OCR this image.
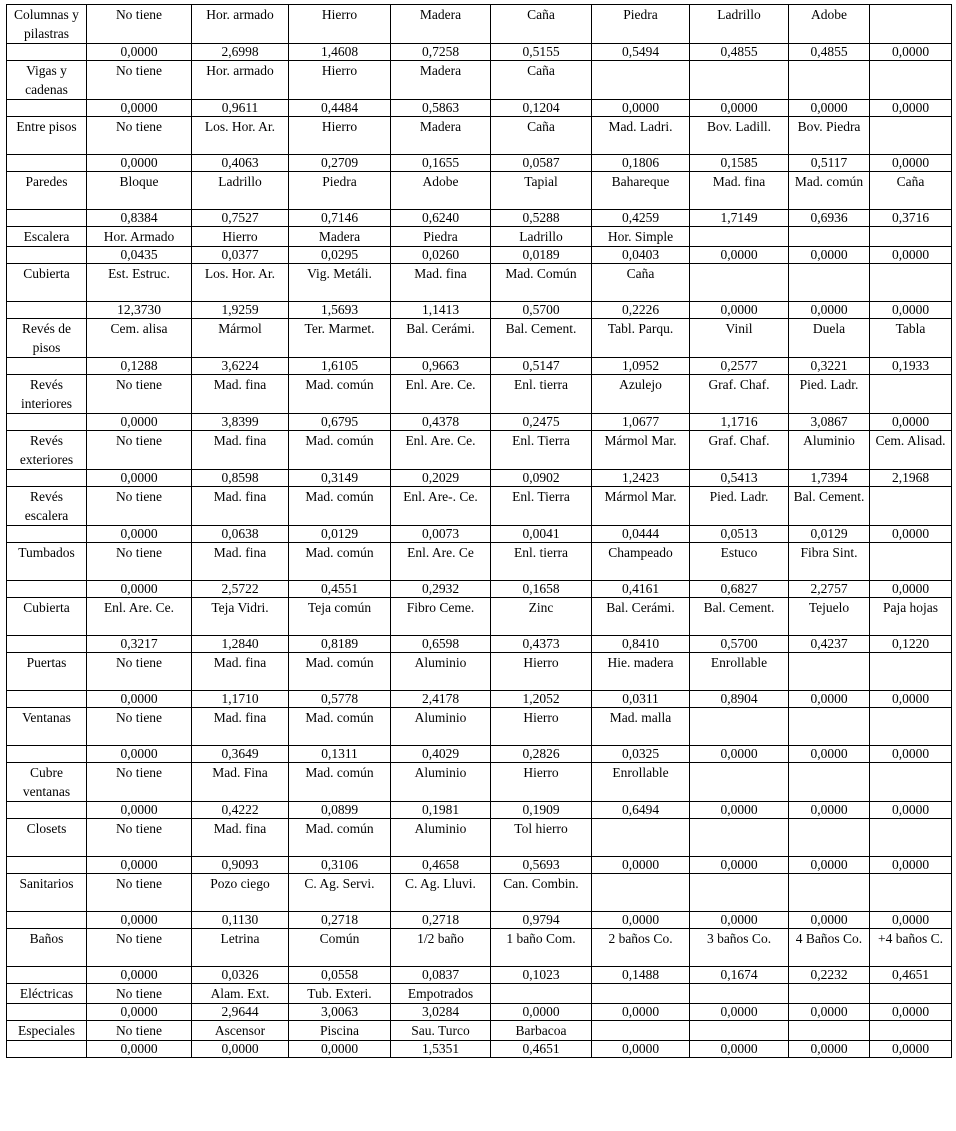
Columnas y pilastras	No tiene	Hor. armado	Hierro	Madera	Caña	Piedra	Ladrillo	Adobe	
	0,0000	2,6998	1,4608	0,7258	0,5155	0,5494	0,4855	0,4855	0,0000
Vigas y cadenas	No tiene	Hor. armado	Hierro	Madera	Caña				
	0,0000	0,9611	0,4484	0,5863	0,1204	0,0000	0,0000	0,0000	0,0000
Entre pisos	No tiene	Los. Hor. Ar.	Hierro	Madera	Caña	Mad. Ladri.	Bov. Ladill.	Bov. Piedra	
	0,0000	0,4063	0,2709	0,1655	0,0587	0,1806	0,1585	0,5117	0,0000
Paredes	Bloque	Ladrillo	Piedra	Adobe	Tapial	Bahareque	Mad. fina	Mad. común	Caña
	0,8384	0,7527	0,7146	0,6240	0,5288	0,4259	1,7149	0,6936	0,3716
Escalera	Hor. Armado	Hierro	Madera	Piedra	Ladrillo	Hor. Simple			
	0,0435	0,0377	0,0295	0,0260	0,0189	0,0403	0,0000	0,0000	0,0000
Cubierta	Est. Estruc.	Los. Hor. Ar.	Vig. Metáli.	Mad. fina	Mad. Común	Caña			
	12,3730	1,9259	1,5693	1,1413	0,5700	0,2226	0,0000	0,0000	0,0000
Revés de pisos	Cem. alisa	Mármol	Ter. Marmet.	Bal. Cerámi.	Bal. Cement.	Tabl. Parqu.	Vinil	Duela	Tabla
	0,1288	3,6224	1,6105	0,9663	0,5147	1,0952	0,2577	0,3221	0,1933
Revés interiores	No tiene	Mad. fina	Mad. común	Enl. Are. Ce.	Enl. tierra	Azulejo	Graf. Chaf.	Pied. Ladr.	
	0,0000	3,8399	0,6795	0,4378	0,2475	1,0677	1,1716	3,0867	0,0000
Revés exteriores	No tiene	Mad. fina	Mad. común	Enl. Are. Ce.	Enl. Tierra	Mármol Mar.	Graf. Chaf.	Aluminio	Cem. Alisad.
	0,0000	0,8598	0,3149	0,2029	0,0902	1,2423	0,5413	1,7394	2,1968
Revés escalera	No tiene	Mad. fina	Mad. común	Enl. Are-. Ce.	Enl. Tierra	Mármol Mar.	Pied. Ladr.	Bal. Cement.	
	0,0000	0,0638	0,0129	0,0073	0,0041	0,0444	0,0513	0,0129	0,0000
Tumbados	No tiene	Mad. fina	Mad. común	Enl. Are. Ce	Enl. tierra	Champeado	Estuco	Fibra Sint.	
	0,0000	2,5722	0,4551	0,2932	0,1658	0,4161	0,6827	2,2757	0,0000
Cubierta	Enl. Are. Ce.	Teja Vidri.	Teja común	Fibro Ceme.	Zinc	Bal. Cerámi.	Bal. Cement.	Tejuelo	Paja hojas
	0,3217	1,2840	0,8189	0,6598	0,4373	0,8410	0,5700	0,4237	0,1220
Puertas	No tiene	Mad. fina	Mad. común	Aluminio	Hierro	Hie. madera	Enrollable		
	0,0000	1,1710	0,5778	2,4178	1,2052	0,0311	0,8904	0,0000	0,0000
Ventanas	No tiene	Mad. fina	Mad. común	Aluminio	Hierro	Mad. malla			
	0,0000	0,3649	0,1311	0,4029	0,2826	0,0325	0,0000	0,0000	0,0000
Cubre ventanas	No tiene	Mad. Fina	Mad. común	Aluminio	Hierro	Enrollable			
	0,0000	0,4222	0,0899	0,1981	0,1909	0,6494	0,0000	0,0000	0,0000
Closets	No tiene	Mad. fina	Mad. común	Aluminio	Tol hierro				
	0,0000	0,9093	0,3106	0,4658	0,5693	0,0000	0,0000	0,0000	0,0000
Sanitarios	No tiene	Pozo ciego	C. Ag. Servi.	C. Ag. Lluvi.	Can. Combin.				
	0,0000	0,1130	0,2718	0,2718	0,9794	0,0000	0,0000	0,0000	0,0000
Baños	No tiene	Letrina	Común	1/2 baño	1 baño Com.	2 baños Co.	3 baños Co.	4 Baños Co.	+4 baños C.
	0,0000	0,0326	0,0558	0,0837	0,1023	0,1488	0,1674	0,2232	0,4651
Eléctricas	No tiene	Alam. Ext.	Tub. Exteri.	Empotrados					
	0,0000	2,9644	3,0063	3,0284	0,0000	0,0000	0,0000	0,0000	0,0000
Especiales	No tiene	Ascensor	Piscina	Sau. Turco	Barbacoa				
	0,0000	0,0000	0,0000	1,5351	0,4651	0,0000	0,0000	0,0000	0,0000
